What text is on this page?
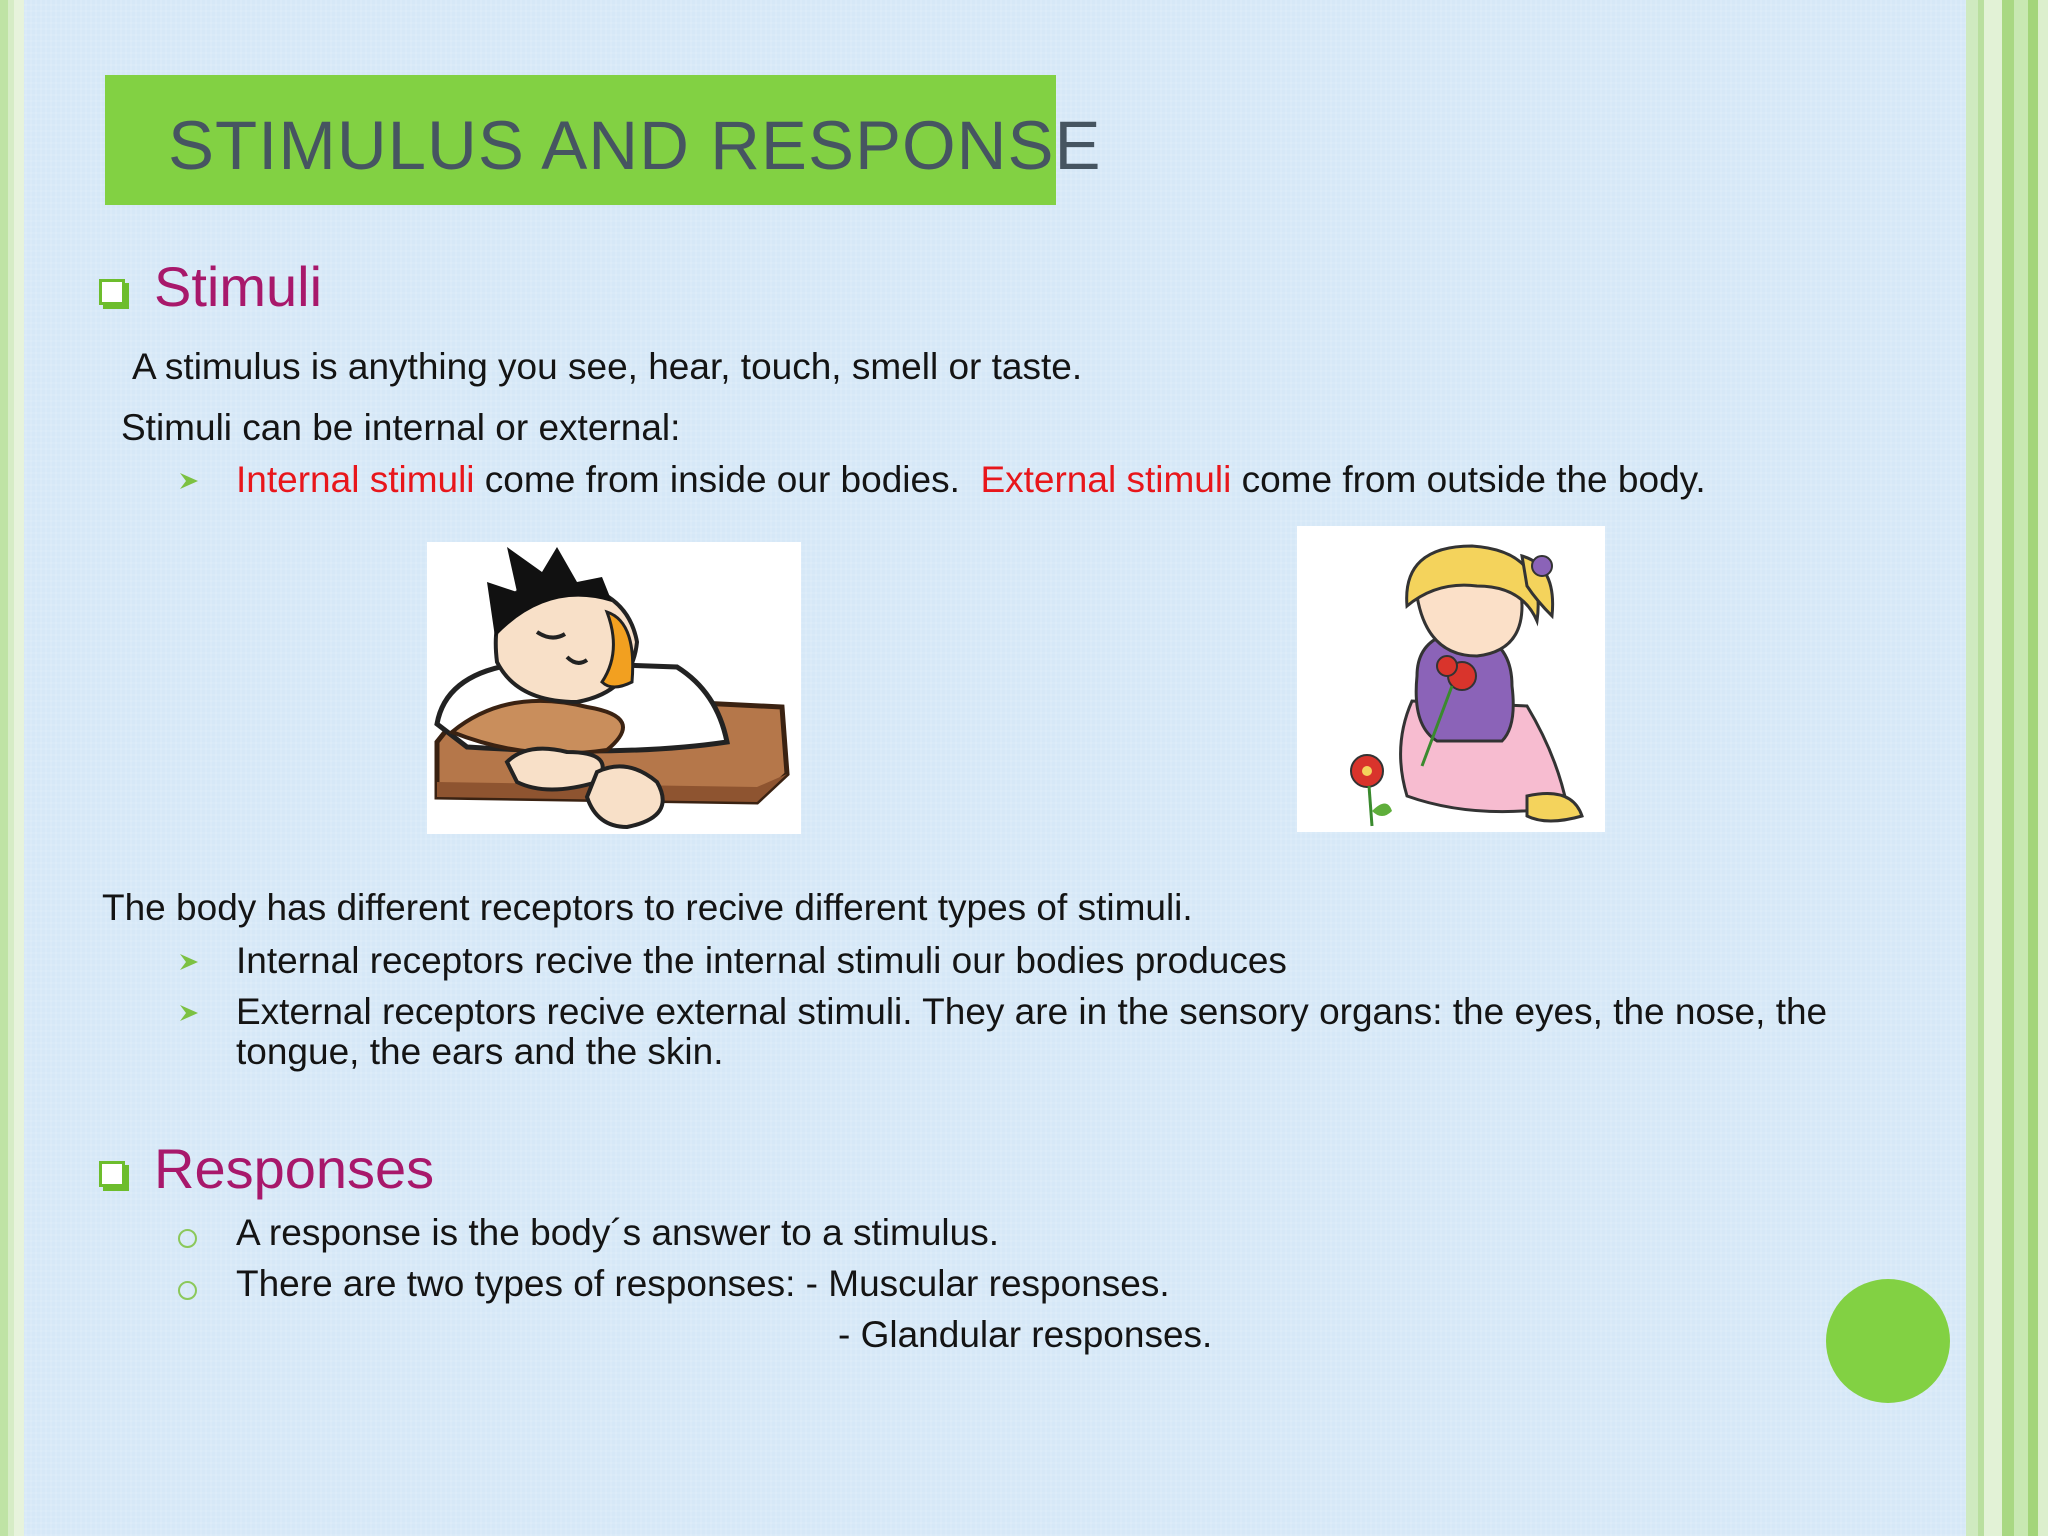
STIMULUS AND RESPONSE
Stimuli
A stimulus is anything you see, hear, touch, smell or taste.
Stimuli can be internal or external:
Internal stimuli come from inside our bodies. External stimuli come from outside the body.
The body has different receptors to recive different types of stimuli.
Internal receptors recive the internal stimuli our bodies produces
External receptors recive external stimuli. They are in the sensory organs: the eyes, the nose, the
tongue, the ears and the skin.
Responses
A response is the body´s answer to a stimulus.
There are two types of responses: - Muscular responses.
- Glandular responses.
